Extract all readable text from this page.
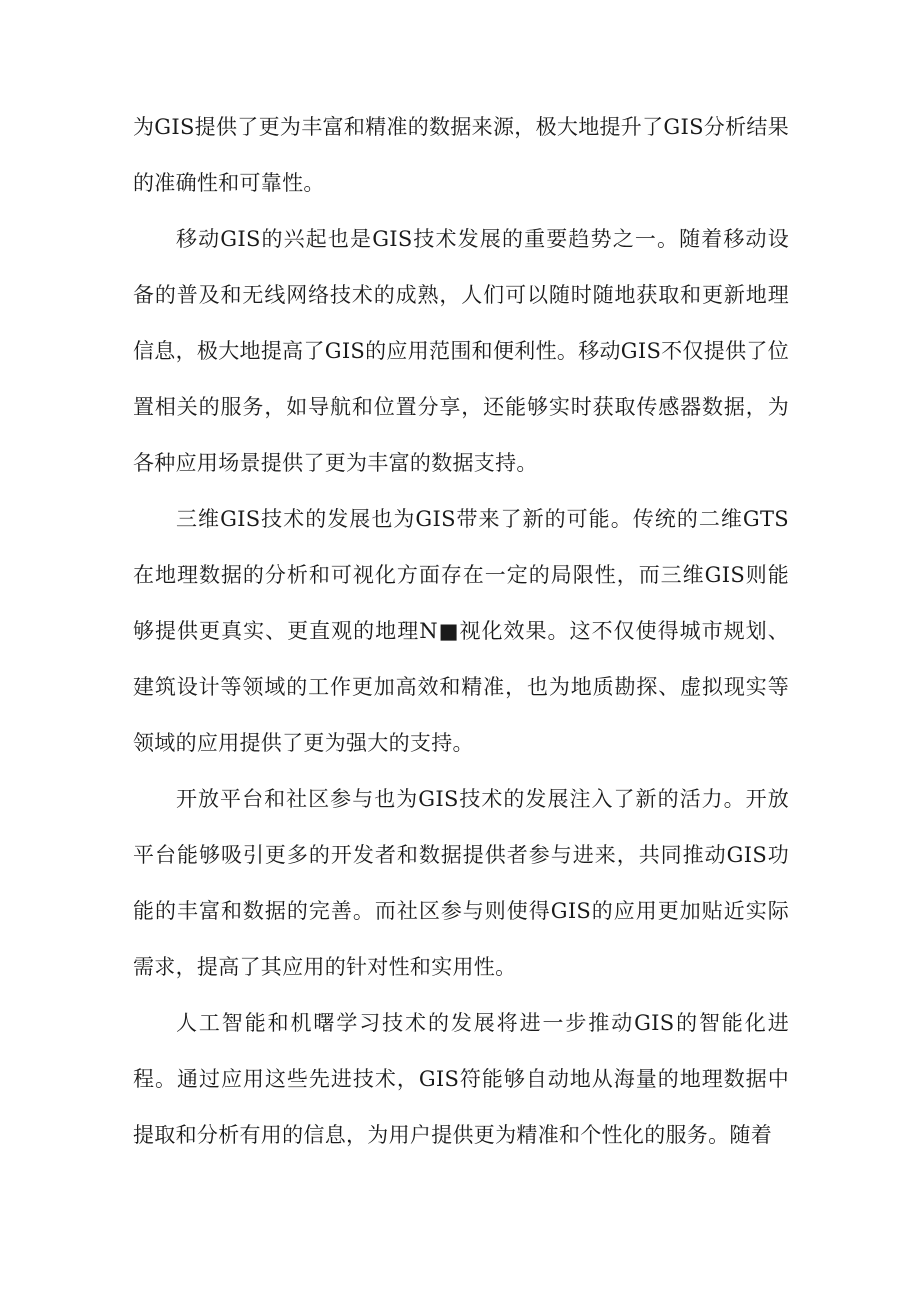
为GIS提供了更为丰富和精准的数据来源，极大地提升了GIS分析结果的准确性和可靠性。

移动GIS的兴起也是GIS技术发展的重要趋势之一。随着移动设备的普及和无线网络技术的成熟，人们可以随时随地获取和更新地理信息，极大地提高了GIS的应用范围和便利性。移动GIS不仅提供了位置相关的服务，如导航和位置分享，还能够实时获取传感器数据，为各种应用场景提供了更为丰富的数据支持。

三维GIS技术的发展也为GIS带来了新的可能。传统的二维GTS在地理数据的分析和可视化方面存在一定的局限性，而三维GIS则能够提供更真实、更直观的地理N■视化效果。这不仅使得城市规划、建筑设计等领域的工作更加高效和精准，也为地质勘探、虚拟现实等领域的应用提供了更为强大的支持。

开放平台和社区参与也为GIS技术的发展注入了新的活力。开放平台能够吸引更多的开发者和数据提供者参与进来，共同推动GIS功能的丰富和数据的完善。而社区参与则使得GIS的应用更加贴近实际需求，提高了其应用的针对性和实用性。

人工智能和机曙学习技术的发展将进一步推动GIS的智能化进程。通过应用这些先进技术，GIS符能够自动地从海量的地理数据中提取和分析有用的信息，为用户提供更为精准和个性化的服务。随着
